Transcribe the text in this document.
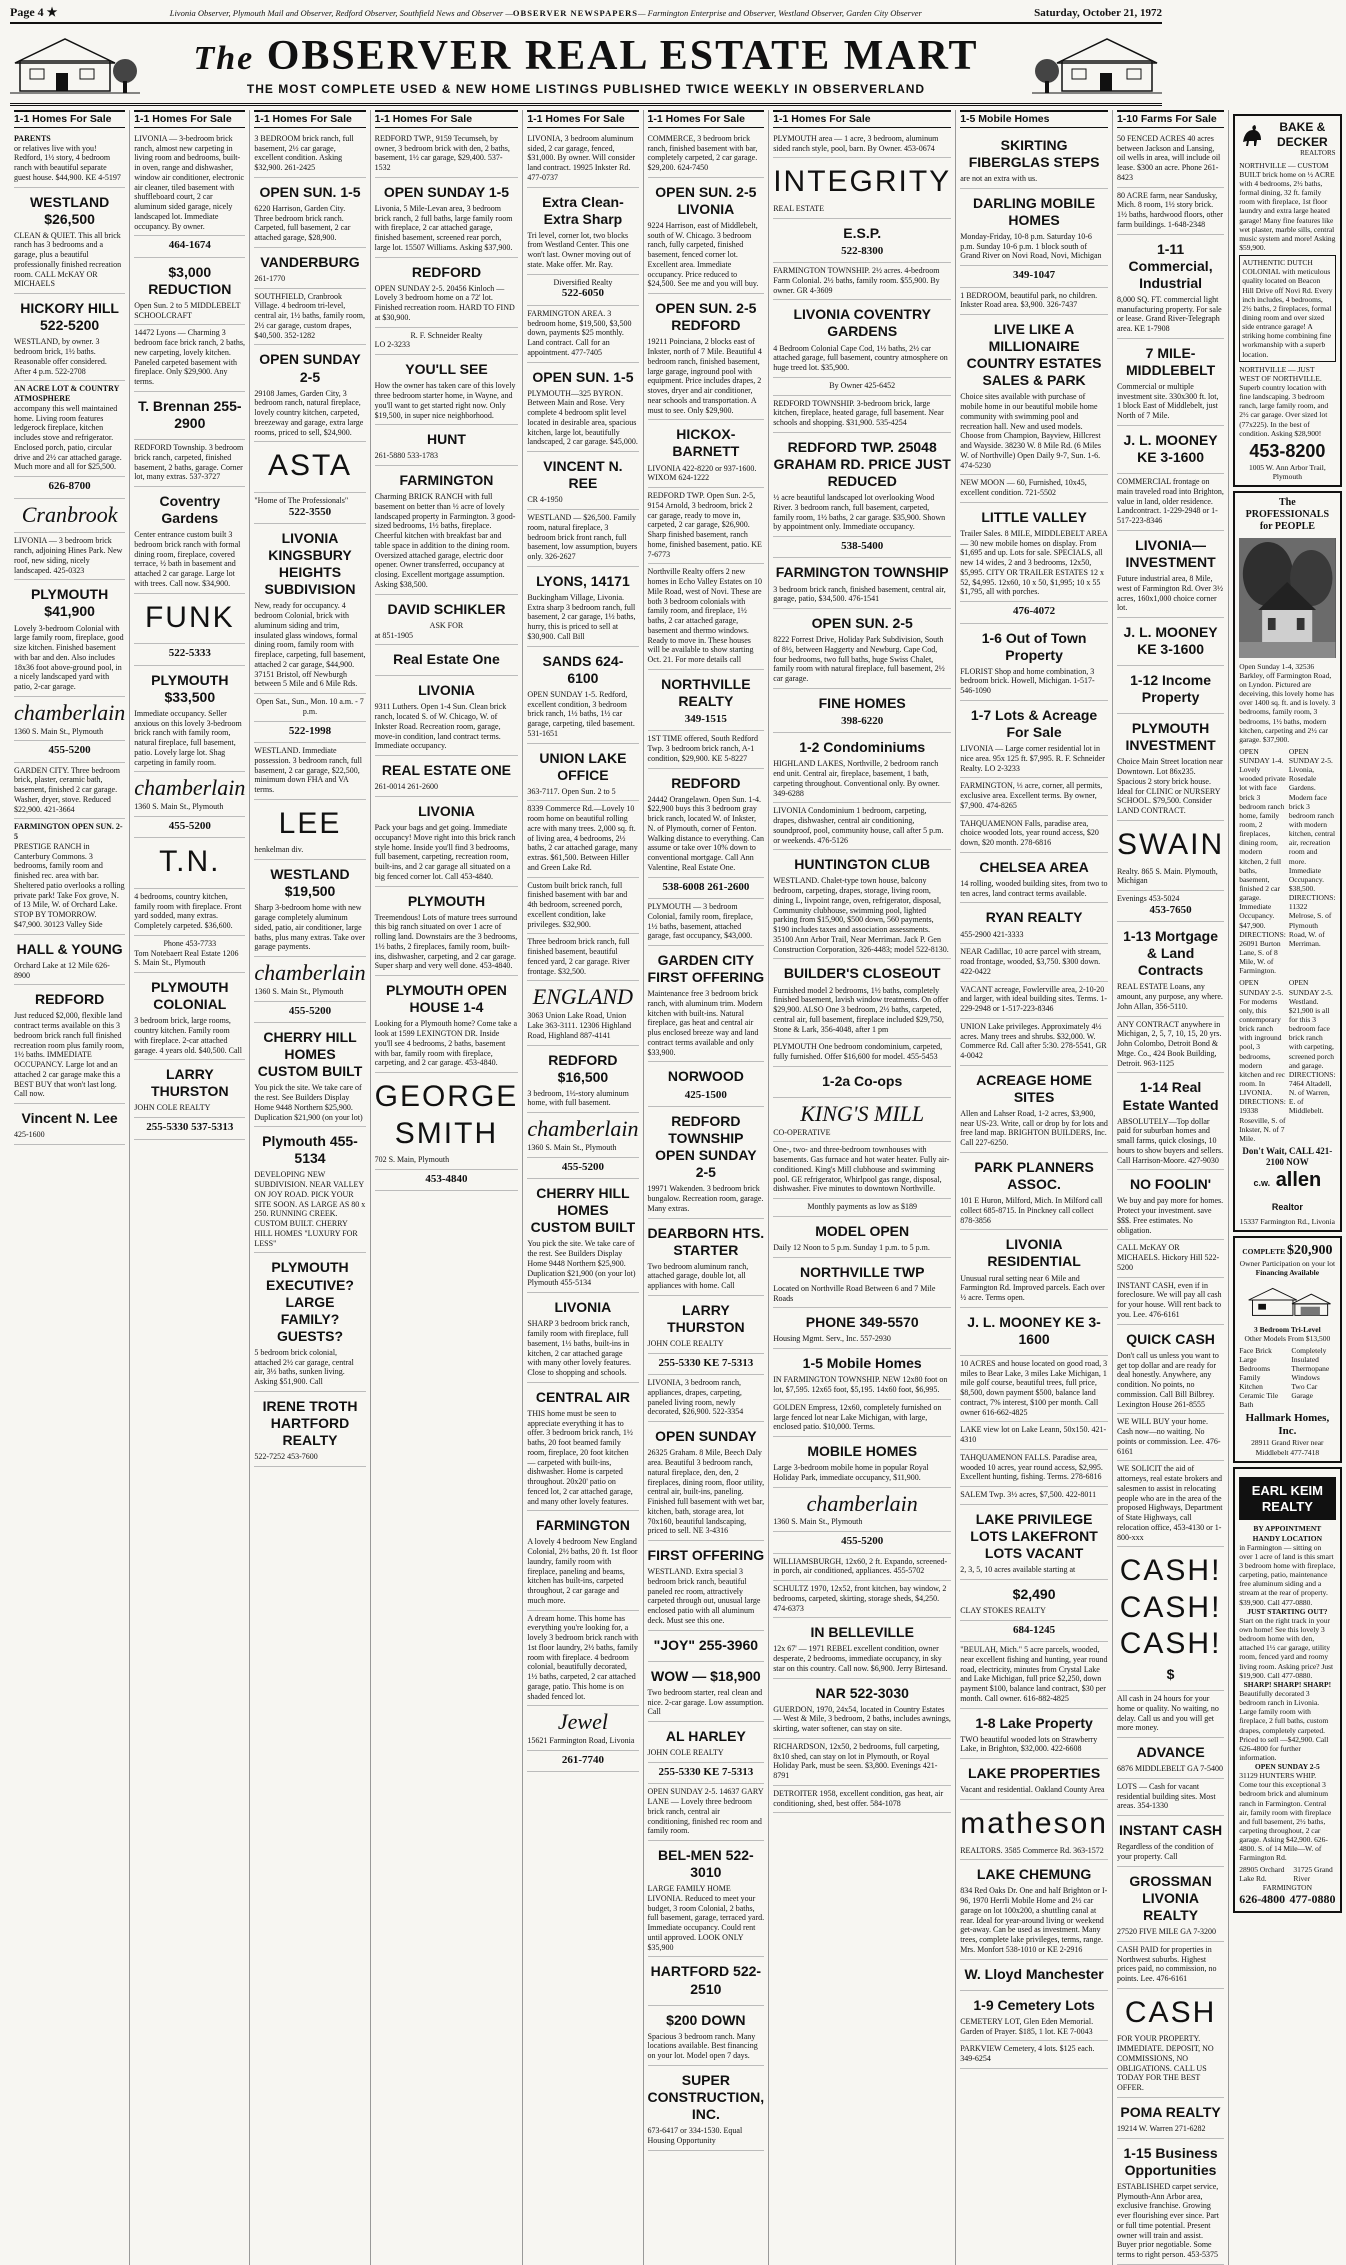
Page 4 ★	Livonia Observer, Plymouth Mail and Observer, Redford Observer, Southfield News and Observer —OBSERVER NEWSPAPERS— Farmington Enterprise and Observer, Westland Observer, Garden City Observer	Saturday, October 21, 1972
The OBSERVER REAL ESTATE MART
THE MOST COMPLETE USED & NEW HOME LISTINGS PUBLISHED TWICE WEEKLY IN OBSERVERLAND
1-1 Homes For Sale
PARENTS
or relatives live with you! Redford, 1½ story, 4 bedroom ranch with beautiful separate guest house. $44,900. KE 4-5197
WESTLAND $26,500
CLEAN & QUIET. This all brick ranch has 3 bedrooms and a garage, plus a beautiful professionally finished recreation room. CALL McKAY OR MICHAELS
HICKORY HILL 522-5200
WESTLAND, by owner. 3 bedroom brick, 1½ baths. Reasonable offer considered. After 4 p.m. 522-2708
AN ACRE LOT & COUNTRY ATMOSPHERE
accompany this well maintained home. Living room features ledgerock fireplace, kitchen includes stove and refrigerator. Enclosed porch, patio, circular drive and 2½ car attached garage. Much more and all for $25,500.
626-8700
Cranbrook
LIVONIA — 3 bedroom brick ranch, adjoining Hines Park. New roof, new siding, nicely landscaped. 425-0323
PLYMOUTH $41,900
Lovely 3-bedroom Colonial with large family room, fireplace, good size kitchen. Finished basement with bar and den. Also includes 18x36 foot above-ground pool, in a nicely landscaped yard with patio, 2-car garage.
chamberlain
1360 S. Main St., Plymouth
455-5200
GARDEN CITY. Three bedroom brick, plaster, ceramic bath, basement, finished 2 car garage. Washer, dryer, stove. Reduced $22,900. 421-3664
FARMINGTON OPEN SUN. 2-5
PRESTIGE RANCH in Canterbury Commons. 3 bedrooms, family room and finished rec. area with bar. Sheltered patio overlooks a rolling private park! Take Fox grove, N. of 13 Mile, W. of Orchard Lake. STOP BY TOMORROW. $47,900. 30123 Valley Side
HALL & YOUNG
Orchard Lake at 12 Mile 626-8900
REDFORD
Just reduced $2,000, flexible land contract terms available on this 3 bedroom brick ranch full finished recreation room plus family room, 1½ baths. IMMEDIATE OCCUPANCY. Large lot and an attached 2 car garage make this a BEST BUY that won't last long. Call now.
Vincent N. Lee
425-1600
1-1 Homes For Sale
LIVONIA — 3-bedroom brick ranch, almost new carpeting in living room and bedrooms, built-in oven, range and dishwasher, window air conditioner, electronic air cleaner, tiled basement with shuffleboard court, 2 car aluminum sided garage, nicely landscaped lot. Immediate occupancy. By owner.
464-1674
$3,000 REDUCTION
Open Sun. 2 to 5 MIDDLEBELT SCHOOLCRAFT
14472 Lyons — Charming 3 bedroom face brick ranch, 2 baths, new carpeting, lovely kitchen. Paneled carpeted basement with fireplace. Only $29,900. Any terms.
T. Brennan 255-2900
REDFORD Township. 3 bedroom brick ranch, carpeted, finished basement, 2 baths, garage. Corner lot, many extras. 537-3727
Coventry Gardens
Center entrance custom built 3 bedroom brick ranch with formal dining room, fireplace, covered terrace, ½ bath in basement and attached 2 car garage. Large lot with trees. Call now. $34,900.
FUNK
522-5333
PLYMOUTH $33,500
Immediate occupancy. Seller anxious on this lovely 3-bedroom brick ranch with family room, natural fireplace, full basement, patio. Lovely large lot. Shag carpeting in family room.
chamberlain
1360 S. Main St., Plymouth
455-5200
T.N.
4 bedrooms, country kitchen, family room with fireplace. Front yard sodded, many extras. Completely carpeted. $36,600.
Phone 453-7733
Tom Notebaert Real Estate 1206 S. Main St., Plymouth
PLYMOUTH COLONIAL
3 bedroom brick, large rooms, country kitchen. Family room with fireplace. 2-car attached garage. 4 years old. $40,500. Call
LARRY THURSTON
JOHN COLE REALTY
255-5330 537-5313
1-1 Homes For Sale
3 BEDROOM brick ranch, full basement, 2½ car garage, excellent condition. Asking $32,900. 261-2425
OPEN SUN. 1-5
6220 Harrison, Garden City. Three bedroom brick ranch. Carpeted, full basement, 2 car attached garage, $28,900.
VANDERBURG
261-1770
SOUTHFIELD, Cranbrook Village. 4 bedroom tri-level, central air, 1½ baths, family room, 2½ car garage, custom drapes, $40,500. 352-1282
OPEN SUNDAY 2-5
29108 James, Garden City, 3 bedroom ranch, natural fireplace, lovely country kitchen, carpeted, breezeway and garage, extra large rooms, priced to sell, $24,900.
ASTA
"Home of The Professionals"
522-3550
LIVONIA KINGSBURY HEIGHTS SUBDIVISION
New, ready for occupancy. 4 bedroom Colonial, brick with aluminum siding and trim, insulated glass windows, formal dining room, family room with fireplace, carpeting, full basement, attached 2 car garage, $44,900. 37151 Bristol, off Newburgh between 5 Mile and 6 Mile Rds.
Open Sat., Sun., Mon. 10 a.m. - 7 p.m.
522-1998
WESTLAND. Immediate possession. 3 bedroom ranch, full basement, 2 car garage, $22,500, minimum down FHA and VA terms.
LEE
henkelman div.
WESTLAND $19,500
Sharp 3-bedroom home with new garage completely aluminum sided, patio, air conditioner, large baths, plus many extras. Take over garage payments.
chamberlain
1360 S. Main St., Plymouth
455-5200
CHERRY HILL HOMES CUSTOM BUILT
You pick the site. We take care of the rest. See Builders Display Home 9448 Northern $25,900. Duplication $21,900 (on your lot)
Plymouth 455-5134
DEVELOPING NEW SUBDIVISION. NEAR VALLEY ON JOY ROAD. PICK YOUR SITE SOON. AS LARGE AS 80 x 250. RUNNING CREEK. CUSTOM BUILT. CHERRY HILL HOMES "LUXURY FOR LESS"
PLYMOUTH EXECUTIVE? LARGE FAMILY? GUESTS?
5 bedroom brick colonial, attached 2½ car garage, central air, 3½ baths, sunken living. Asking $51,900. Call
IRENE TROTH HARTFORD REALTY
522-7252 453-7600
1-1 Homes For Sale
REDFORD TWP., 9159 Tecumseh, by owner, 3 bedroom brick with den, 2 baths, basement, 1½ car garage, $29,400. 537-1532
OPEN SUNDAY 1-5
Livonia, 5 Mile-Levan area, 3 bedroom brick ranch, 2 full baths, large family room with fireplace, 2 car attached garage, finished basement, screened rear porch, large lot. 15507 Williams. Asking $37,900.
REDFORD
OPEN SUNDAY 2-5. 20456 Kinloch — Lovely 3 bedroom home on a 72' lot. Finished recreation room. HARD TO FIND at $30,900.
R. F. Schneider Realty
LO 2-3233
YOU'LL SEE
How the owner has taken care of this lovely three bedroom starter home, in Wayne, and you'll want to get started right now. Only $19,500, in super nice neighborhood.
HUNT
261-5880 533-1783
FARMINGTON
Charming BRICK RANCH with full basement on better than ½ acre of lovely landscaped property in Farmington. 3 good-sized bedrooms, 1½ baths, fireplace. Cheerful kitchen with breakfast bar and table space in addition to the dining room. Oversized attached garage, electric door opener. Owner transferred, occupancy at closing. Excellent mortgage assumption. Asking $38,500.
DAVID SCHIKLER
ASK FOR
at 851-1905
Real Estate One
LIVONIA
9311 Luthers. Open 1-4 Sun. Clean brick ranch, located S. of W. Chicago, W. of Inkster Road. Recreation room, garage, move-in condition, land contract terms. Immediate occupancy.
REAL ESTATE ONE
261-0014 261-2600
LIVONIA
Pack your bags and get going. Immediate occupancy! Move right into this brick ranch style home. Inside you'll find 3 bedrooms, full basement, carpeting, recreation room, built-ins, and 2 car garage all situated on a big fenced corner lot. Call 453-4840.
PLYMOUTH
Treemendous! Lots of mature trees surround this big ranch situated on over 1 acre of rolling land. Downstairs are the 3 bedrooms, 1½ baths, 2 fireplaces, family room, built-ins, dishwasher, carpeting, and 2 car garage. Super sharp and very well done. 453-4840.
PLYMOUTH OPEN HOUSE 1-4
Looking for a Plymouth home? Come take a look at 1599 LEXINGTON DR. Inside you'll see 4 bedrooms, 2 baths, basement with bar, family room with fireplace, carpeting, and 2 car garage. 453-4840.
GEORGE SMITH
702 S. Main, Plymouth
453-4840
1-1 Homes For Sale
LIVONIA, 3 bedroom aluminum sided, 2 car garage, fenced, $31,000. By owner. Will consider land contract. 19925 Inkster Rd. 477-0737
Extra Clean-Extra Sharp
Tri level, corner lot, two blocks from Westland Center. This one won't last. Owner moving out of state. Make offer. Mr. Ray.
Diversified Realty
522-6050
FARMINGTON AREA. 3 bedroom home, $19,500, $3,500 down, payments $25 monthly. Land contract. Call for an appointment. 477-7405
OPEN SUN. 1-5
PLYMOUTH—325 BYRON. Between Main and Rose. Very complete 4 bedroom split level located in desirable area, spacious kitchen, large lot, beautifully landscaped, 2 car garage. $45,000.
VINCENT N. REE
CR 4-1950
WESTLAND — $26,500. Family room, natural fireplace, 3 bedroom brick front ranch, full basement, low assumption, buyers only. 326-2627
LYONS, 14171
Buckingham Village, Livonia. Extra sharp 3 bedroom ranch, full basement, 2 car garage, 1½ baths, hurry, this is priced to sell at $30,900. Call Bill
SANDS 624-6100
OPEN SUNDAY 1-5. Redford, excellent condition, 3 bedroom brick ranch, 1½ baths, 1½ car garage, carpeting, tiled basement. 531-1651
UNION LAKE OFFICE
363-7117. Open Sun. 2 to 5
8339 Commerce Rd.—Lovely 10 room home on beautiful rolling acre with many trees. 2,000 sq. ft. of living area, 4 bedrooms, 2½ baths, 2 car attached garage, many extras. $61,500. Between Hiller and Green Lake Rd.
Custom built brick ranch, full finished basement with bar and 4th bedroom, screened porch, excellent condition, lake privileges. $32,900.
Three bedroom brick ranch, full finished basement, beautiful fenced yard, 2 car garage. River frontage. $32,500.
ENGLAND
3063 Union Lake Road, Union Lake 363-3111. 12306 Highland Road, Highland 887-4141
REDFORD $16,500
3 bedroom, 1½-story aluminum home, with full basement.
chamberlain
1360 S. Main St., Plymouth
455-5200
CHERRY HILL HOMES CUSTOM BUILT
You pick the site. We take care of the rest. See Builders Display Home 9448 Northern $25,900. Duplication $21,900 (on your lot) Plymouth 455-5134
LIVONIA
SHARP 3 bedroom brick ranch, family room with fireplace, full basement, 1½ baths, built-ins in kitchen, 2 car attached garage with many other lovely features. Close to shopping and schools.
CENTRAL AIR
THIS home must be seen to appreciate everything it has to offer. 3 bedroom brick ranch, 1½ baths, 20 foot beamed family room, fireplace, 20 foot kitchen — carpeted with built-ins, dishwasher. Home is carpeted throughout. 20x20' patio on fenced lot, 2 car attached garage, and many other lovely features.
FARMINGTON
A lovely 4 bedroom New England Colonial, 2½ baths, 20 ft. 1st floor laundry, family room with fireplace, paneling and beams, kitchen has built-ins, carpeted throughout, 2 car garage and much more.
A dream home. This home has everything you're looking for, a lovely 3 bedroom brick ranch with 1st floor laundry, 2½ baths, family room with fireplace. 4 bedroom colonial, beautifully decorated, 1½ baths, carpeted, 2 car attached garage, patio. This home is on shaded fenced lot.
Jewel
15621 Farmington Road, Livonia
261-7740
1-1 Homes For Sale
COMMERCE, 3 bedroom brick ranch, finished basement with bar, completely carpeted, 2 car garage. $29,200. 624-7450
OPEN SUN. 2-5 LIVONIA
9224 Harrison, east of Middlebelt, south of W. Chicago. 3 bedroom ranch, fully carpeted, finished basement, fenced corner lot. Excellent area. Immediate occupancy. Price reduced to $24,500. See me and you will buy.
OPEN SUN. 2-5 REDFORD
19211 Poinciana, 2 blocks east of Inkster, north of 7 Mile. Beautiful 4 bedroom ranch, finished basement, large garage, inground pool with equipment. Price includes drapes, 2 stoves, dryer and air conditioner, near schools and transportation. A must to see. Only $29,900.
HICKOX-BARNETT
LIVONIA 422-8220 or 937-1600. WIXOM 624-1222
REDFORD TWP. Open Sun. 2-5, 9154 Arnold, 3 bedroom, brick 2 car garage, ready to move in, carpeted, 2 car garage, $26,900. Sharp finished basement, ranch home, finished basement, patio. KE 7-6773
Northville Realty offers 2 new homes in Echo Valley Estates on 10 Mile Road, west of Novi. These are both 3 bedroom colonials with family room, and fireplace, 1½ baths, 2 car attached garage, basement and thermo windows. Ready to move in. These houses will be available to show starting Oct. 21. For more details call
NORTHVILLE REALTY
349-1515
1ST TIME offered, South Redford Twp. 3 bedroom brick ranch, A-1 condition, $29,900. KE 5-8227
REDFORD
24442 Orangelawn. Open Sun. 1-4. $22,900 buys this 3 bedroom gray brick ranch, located W. of Inkster, N. of Plymouth, corner of Fenton. Walking distance to everything. Can assume or take over 10% down to conventional mortgage. Call Ann Valentine, Real Estate One.
538-6008 261-2600
PLYMOUTH — 3 bedroom Colonial, family room, fireplace, 1½ baths, basement, attached garage, fast occupancy, $43,000.
GARDEN CITY FIRST OFFERING
Maintenance free 3 bedroom brick ranch, with aluminum trim. Modern kitchen with built-ins. Natural fireplace, gas heat and central air plus enclosed breeze way and land contract terms available and only $33,900.
NORWOOD
425-1500
REDFORD TOWNSHIP OPEN SUNDAY 2-5
19971 Wakenden. 3 bedroom brick bungalow. Recreation room, garage. Many extras.
DEARBORN HTS. STARTER
Two bedroom aluminum ranch, attached garage, double lot, all appliances with home. Call
LARRY THURSTON
JOHN COLE REALTY
255-5330 KE 7-5313
LIVONIA, 3 bedroom ranch, appliances, drapes, carpeting, paneled living room, newly decorated, $26,900. 522-3354
OPEN SUNDAY
26325 Graham. 8 Mile, Beech Daly area. Beautiful 3 bedroom ranch, natural fireplace, den, den, 2 fireplaces, dining room, floor utility, central air, built-ins, paneling. Finished full basement with wet bar, kitchen, bath, storage area, lot 70x160, beautiful landscaping, priced to sell. NE 3-4316
FIRST OFFERING
WESTLAND. Extra special 3 bedroom brick ranch, beautiful paneled rec room, attractively carpeted through out, unusual large enclosed patio with all aluminum deck. Must see this one.
"JOY" 255-3960
WOW — $18,900
Two bedroom starter, real clean and nice. 2-car garage. Low assumption. Call
AL HARLEY
JOHN COLE REALTY
255-5330 KE 7-5313
OPEN SUNDAY 2-5. 14637 GARY LANE — Lovely three bedroom brick ranch, central air conditioning, finished rec room and family room.
BEL-MEN 522-3010
LARGE FAMILY HOME LIVONIA. Reduced to meet your budget, 3 room Colonial, 2 baths, full basement, garage, terraced yard. Immediate occupancy. Could rent until approved. LOOK ONLY $35,900
HARTFORD 522-2510
$200 DOWN
Spacious 3 bedroom ranch. Many locations available. Best financing on your lot. Model open 7 days.
SUPER CONSTRUCTION, INC.
673-6417 or 334-1530. Equal Housing Opportunity
1-1 Homes For Sale
PLYMOUTH area — 1 acre, 3 bedroom, aluminum sided ranch style, pool, barn. By Owner. 453-0674
INTEGRITY
REAL ESTATE
E.S.P.
522-8300
FARMINGTON TOWNSHIP. 2½ acres. 4-bedroom Farm Colonial. 2½ baths, family room. $55,900. By owner. GR 4-3609
LIVONIA COVENTRY GARDENS
4 Bedroom Colonial Cape Cod, 1½ baths, 2½ car attached garage, full basement, country atmosphere on huge treed lot. $35,900.
By Owner 425-6452
REDFORD TOWNSHIP. 3-bedroom brick, large kitchen, fireplace, heated garage, full basement. Near schools and shopping. $31,900. 535-4254
REDFORD TWP. 25048 GRAHAM RD. PRICE JUST REDUCED
½ acre beautiful landscaped lot overlooking Wood River. 3 bedroom ranch, full basement, carpeted, family room, 1½ baths, 2 car garage. $35,900. Shown by appointment only. Immediate occupancy.
538-5400
FARMINGTON TOWNSHIP
3 bedroom brick ranch, finished basement, central air, garage, patio, $34,500. 476-1541
OPEN SUN. 2-5
8222 Forrest Drive, Holiday Park Subdivision, South of 8½, between Haggerty and Newburg. Cape Cod, four bedrooms, two full baths, huge Swiss Chalet, family room with natural fireplace, full basement, 2½ car garage.
FINE HOMES
398-6220
1-2 Condominiums
HIGHLAND LAKES, Northville, 2 bedroom ranch end unit. Central air, fireplace, basement, 1 bath, carpeting throughout. Conventional only. By owner. 349-6288
LIVONIA Condominium 1 bedroom, carpeting, drapes, dishwasher, central air conditioning, soundproof, pool, community house, call after 5 p.m. or weekends. 476-5126
HUNTINGTON CLUB
WESTLAND. Chalet-type town house, balcony bedroom, carpeting, drapes, storage, living room, dining L, livpoint range, oven, refrigerator, disposal, Community clubhouse, swimming pool, lighted parking from $15,900, $500 down, 560 payments, $190 includes taxes and association assessments. 35100 Ann Arbor Trail, Near Merriman. Jack P. Gen Construction Corporation, 326-4483; model 522-8130.
BUILDER'S CLOSEOUT
Furnished model 2 bedrooms, 1½ baths, completely finished basement, lavish window treatments. On offer $29,900. ALSO One 3 bedroom, 2½ baths, carpeted, central air, full basement, fireplace included $29,750, Stone & Lark, 356-4048, after 1 pm
PLYMOUTH One bedroom condominium, carpeted, fully furnished. Offer $16,600 for model. 455-5453
1-2a Co-ops
KING'S MILL
CO-OPERATIVE
One-, two- and three-bedroom townhouses with basements. Gas furnace and hot water heater. Fully air-conditioned. King's Mill clubhouse and swimming pool. GE refrigerator, Whirlpool gas range, disposal, dishwasher. Five minutes to downtown Northville.
Monthly payments as low as $189
MODEL OPEN
Daily 12 Noon to 5 p.m. Sunday 1 p.m. to 5 p.m.
NORTHVILLE TWP
Located on Northville Road Between 6 and 7 Mile Roads
PHONE 349-5570
Housing Mgmt. Serv., Inc. 557-2930
1-5 Mobile Homes
IN FARMINGTON TOWNSHIP. NEW 12x80 foot on lot, $7,595. 12x65 foot, $5,195. 14x60 foot, $6,995.
GOLDEN Empress, 12x60, completely furnished on large fenced lot near Lake Michigan, with large, enclosed patio. $10,000. Terms.
MOBILE HOMES
Large 3-bedroom mobile home in popular Royal Holiday Park, immediate occupancy, $11,900.
chamberlain
1360 S. Main St., Plymouth
455-5200
WILLIAMSBURGH, 12x60, 2 ft. Expando, screened-in porch, air conditioned, appliances. 455-5702
SCHULTZ 1970, 12x52, front kitchen, bay window, 2 bedrooms, carpeted, skirting, storage sheds, $4,250. 474-6373
IN BELLEVILLE
12x 67' — 1971 REBEL excellent condition, owner desperate, 2 bedrooms, immediate occupancy, in sky star on this country. Call now. $6,900. Jerry Birtesand.
NAR 522-3030
GUERDON, 1970, 24x54, located in Country Estates — West & Mile, 3 bedroom, 2 baths, includes awnings, skirting, water softener, can stay on site.
RICHARDSON, 12x50, 2 bedrooms, full carpeting, 8x10 shed, can stay on lot in Plymouth, or Royal Holiday Park, must be seen. $3,800. Evenings 421-8791
DETROITER 1958, excellent condition, gas heat, air conditioning, shed, best offer. 584-1078
1-5 Mobile Homes
SKIRTING FIBERGLAS STEPS
are not an extra with us.
DARLING MOBILE HOMES
Monday-Friday, 10-8 p.m. Saturday 10-6 p.m. Sunday 10-6 p.m. 1 block south of Grand River on Novi Road, Novi, Michigan
349-1047
1 BEDROOM, beautiful park, no children. Inkster Road area. $3,900. 326-7437
LIVE LIKE A MILLIONAIRE COUNTRY ESTATES SALES & PARK
Choice sites available with purchase of mobile home in our beautiful mobile home community with swimming pool and recreation hall. New and used models. Choose from Champion, Bayview, Hillcrest and Wayside. 38230 W. 8 Mile Rd. (6 Miles W. of Northville) Open Daily 9-7, Sun. 1-6. 474-5230
NEW MOON — 60, Furnished, 10x45, excellent condition. 721-5502
LITTLE VALLEY
Trailer Sales. 8 MILE, MIDDLEBELT AREA — 30 new mobile homes on display. From $1,695 and up. Lots for sale. SPECIALS, all new 14 wides, 2 and 3 bedrooms, 12x50, $5,995. CITY OR TRAILER ESTATES 12 x 52, $4,995. 12x60, 10 x 50, $1,995; 10 x 55 $1,795, all with porches.
476-4072
1-6 Out of Town Property
FLORIST Shop and home combination, 3 bedroom brick. Howell, Michigan. 1-517-546-1090
1-7 Lots & Acreage For Sale
LIVONIA — Large corner residential lot in nice area. 95x 125 ft. $7,995. R. F. Schneider Realty. LO 2-3233
FARMINGTON, ⅓ acre, corner, all permits, exclusive area. Excellent terms. By owner, $7,900. 474-8265
TAHQUAMENON Falls, paradise area, choice wooded lots, year round access, $20 down, $20 month. 278-6816
CHELSEA AREA
14 rolling, wooded building sites, from two to ten acres, land contract terms available.
RYAN REALTY
455-2900 421-3333
NEAR Cadillac, 10 acre parcel with stream, road frontage, wooded, $3,750. $300 down. 422-0422
VACANT acreage, Fowlerville area, 2-10-20 and larger, with ideal building sites. Terms. 1-229-2948 or 1-517-223-8346
UNION Lake privileges. Approximately 4½ acres. Many trees and shrubs. $32,000. W. Commerce Rd. Call after 5:30. 278-5541, GR 4-0042
ACREAGE HOME SITES
Allen and Lahser Road, 1-2 acres, $3,900, near US-23. Write, call or drop by for lots and free land map. BRIGHTON BUILDERS, Inc. Call 227-6250.
PARK PLANNERS ASSOC.
101 E Huron, Milford, Mich. In Milford call collect 685-8715. In Pinckney call collect 878-3856
LIVONIA RESIDENTIAL
Unusual rural setting near 6 Mile and Farmington Rd. Improved parcels. Each over ½ acre. Terms open.
J. L. MOONEY KE 3-1600
10 ACRES and house located on good road, 3 miles to Bear Lake, 3 miles Lake Michigan, 1 mile golf course, beautiful trees, full price, $8,500, down payment $500, balance land contract, 7% interest, $100 per month. Call owner 616-662-4825
LAKE view lot on Lake Leann, 50x150. 421-4310
TAHQUAMENON FALLS. Paradise area, wooded 10 acres, year round access, $2,995. Excellent hunting, fishing. Terms. 278-6816
SALEM Twp. 3½ acres, $7,500. 422-8011
LAKE PRIVILEGE LOTS LAKEFRONT LOTS VACANT
2, 3, 5, 10 acres available starting at
$2,490
CLAY STOKES REALTY
684-1245
"BEULAH, Mich." 5 acre parcels, wooded, near excellent fishing and hunting, year round road, electricity, minutes from Crystal Lake and Lake Michigan, full price $2,250, down payment $100, balance land contract, $30 per month. Call owner. 616-882-4825
1-8 Lake Property
TWO beautiful wooded lots on Strawberry Lake, in Brighton, $32,000. 422-6608
LAKE PROPERTIES
Vacant and residential. Oakland County Area
matheson
REALTORS. 3585 Commerce Rd. 363-1572
LAKE CHEMUNG
834 Red Oaks Dr. One and half Brighton or I-96, 1970 Herrli Mobile Home and 2½ car garage on lot 100x200, a shuttling canal at rear. Ideal for year-around living or weekend get-away. Can be used as investment. Many trees, complete lake privileges, terms, range. Mrs. Monfort 538-1010 or KE 2-2916
W. Lloyd Manchester
1-9 Cemetery Lots
CEMETERY LOT, Glen Eden Memorial. Garden of Prayer. $185, 1 lot. KE 7-0043
PARKVIEW Cemetery, 4 lots. $125 each. 349-6254
1-10 Farms For Sale
50 FENCED ACRES 40 acres between Jackson and Lansing, oil wells in area, will include oil lease. $300 an acre. Phone 261-8423
80 ACRE farm, near Sandusky, Mich. 8 room, 1½ story brick. 1½ baths, hardwood floors, other farm buildings. 1-648-2348
1-11 Commercial, Industrial
8,000 SQ. FT. commercial light manufacturing property. For sale or lease. Grand River-Telegraph area. KE 1-7908
7 MILE-MIDDLEBELT
Commercial or multiple investment site. 330x300 ft. lot, 1 block East of Middlebelt, just North of 7 Mile.
J. L. MOONEY KE 3-1600
COMMERCIAL frontage on main traveled road into Brighton, value in land, older residence. Landcontract. 1-229-2948 or 1-517-223-8346
LIVONIA—INVESTMENT
Future industrial area, 8 Mile, west of Farmington Rd. Over 3½ acres, 160x1,000 choice corner lot.
J. L. MOONEY KE 3-1600
1-12 Income Property
PLYMOUTH INVESTMENT
Choice Main Street location near Downtown. Lot 86x235. Spacious 2 story brick house. Ideal for CLINIC or NURSERY SCHOOL. $79,500. Consider LAND CONTRACT.
SWAIN
Realty. 865 S. Main. Plymouth, Michigan
Evenings 453-5024
453-7650
1-13 Mortgage & Land Contracts
REAL ESTATE Loans, any amount, any purpose, any where. John Allan, 356-5110.
ANY CONTRACT anywhere in Michigan, 2, 5, 7, 10, 15, 20 yrs. John Colombo, Detroit Bond & Mtge. Co., 424 Book Building, Detroit. 963-1125
1-14 Real Estate Wanted
ABSOLUTELY—Top dollar paid for suburban homes and small farms, quick closings, 10 hours to show buyers and sellers. Call Harrison-Moore. 427-9030
NO FOOLIN'
We buy and pay more for homes. Protect your investment. save $$$. Free estimates. No obligation.
CALL McKAY OR MICHAELS. Hickory Hill 522-5200
INSTANT CASH, even if in foreclosure. We will pay all cash for your house. Will rent back to you. Lee. 476-6161
QUICK CASH
Don't call us unless you want to get top dollar and are ready for deal honestly. Anywhere, any condition. No points, no commission. Call Bill Bilbrey. Lexington House 261-8555
WE WILL BUY your home. Cash now—no waiting. No points or commission. Lee. 476-6161
WE SOLICIT the aid of attorneys, real estate brokers and salesmen to assist in relocating people who are in the area of the proposed Highways, Department of State Highways, call relocation office, 453-4130 or 1-800-xxx
CASH! CASH! CASH!
$
All cash in 24 hours for your home or quality. No waiting, no delay. Call us and you will get more money.
ADVANCE
6876 MIDDLEBELT GA 7-5400
LOTS — Cash for vacant residential building sites. Most areas. 354-1330
INSTANT CASH
Regardless of the condition of your property. Call
GROSSMAN LIVONIA REALTY
27520 FIVE MILE GA 7-3200
CASH PAID for properties in Northwest suburbs. Highest prices paid, no commission, no points. Lee. 476-6161
CASH
FOR YOUR PROPERTY. IMMEDIATE. DEPOSIT, NO COMMISSIONS, NO OBLIGATIONS. CALL US TODAY FOR THE BEST OFFER.
POMA REALTY
19214 W. Warren 271-6282
1-15 Business Opportunities
ESTABLISHED carpet service, Plymouth-Ann Arbor area, exclusive franchise. Growing ever flourishing ever since. Part or full time potential. Present owner will train and assist. Buyer prior negotiable. Some terms to right person. 453-5375
BAKE & DECKER
REALTORS

NORTHVILLE — CUSTOM BUILT brick home on ½ ACRE with 4 bedrooms, 2½ baths, formal dining, 32 ft. family room with fireplace, 1st floor laundry and extra large heated garage! Many fine features like wet plaster, marble sills, central music system and more! Asking $59,900.

AUTHENTIC DUTCH COLONIAL with meticulous quality located on Beacon Hill Drive off Novi Rd. Every inch includes, 4 bedrooms, 2½ baths, 2 fireplaces, formal dining room and over sized side entrance garage! A striking home combining fine workmanship with a superb location.

NORTHVILLE — JUST WEST OF NORTHVILLE. Superb country location with fine landscaping. 3 bedroom ranch, large family room, and 2½ car garage. Over sized lot (77x225). In the best of condition. Asking $28,900!

453-8200
1005 W. Ann Arbor Trail, Plymouth
The PROFESSIONALS for PEOPLE

Open Sunday 1-4, 32536 Barkley, off Farmington Road, on Lyndon. Pictured are deceiving, this lovely home has over 1400 sq. ft. and is lovely. 3 bedrooms, family room, 3 bedrooms, 1½ baths, modern kitchen, carpeting and 2½ car garage. $37,900.

OPEN SUNDAY 1-4. Lovely wooded private lot with face brick 3 bedroom ranch home, family room, 2 fireplaces, dining room, modern kitchen, 2 full baths, basement, finished 2 car garage. Immediate Occupancy. $47,900. DIRECTIONS: 26091 Burton Lane, S. of 8 Mile, W. of Farmington.

OPEN SUNDAY 2-5. Livonia, Rosedale Gardens. Modern face brick 3 bedroom ranch with modern kitchen, central air, recreation room and more. Immediate Occupancy. $38,500. DIRECTIONS: 11322 Melrose, S. of Plymouth Road, W. of Merriman.

OPEN SUNDAY 2-5. For moderns only, this contemporary brick ranch with inground pool, 3 bedrooms, modern kitchen and rec room. In LIVONIA. DIRECTIONS: 19338 Roseville, S. of Inkster, N. of 7 Mile.

OPEN SUNDAY 2-5. Westland. $21,900 is all for this 3 bedroom face brick ranch with carpeting, screened porch and garage. DIRECTIONS: 7464 Altadell, N. of Warren, E. of Middlebelt.

Don't Wait, CALL 421-2100 NOW
c.w. allen Realtor
15337 Farmington Rd., Livonia
COMPLETE $20,900
Owner Participation on your lot
Financing Available
3 Bedroom Tri-Level
Other Models From $13,500
Face Brick
Large Bedrooms
Family Kitchen
Ceramic Tile Bath
Completely Insulated
Thermopane Windows
Two Car Garage
Hallmark Homes, Inc.
28911 Grand River near Middlebelt 477-7418
EARL KEIM REALTY
BY APPOINTMENT
HANDY LOCATION

in Farmington — sitting on over 1 acre of land is this smart 3 bedroom home with fireplace, carpeting, patio, maintenance free aluminum siding and a stream at the rear of property. $39,900. Call 477-0880.

JUST STARTING OUT?

Start on the right track in your own home! See this lovely 3 bedroom home with den, attached 1½ car garage, utility room, fenced yard and roomy living room. Asking price? Just $19,900. Call 477-0880.

SHARP! SHARP! SHARP!

Beautifully decorated 3 bedroom ranch in Livonia. Large family room with fireplace, 2 full baths, custom drapes, completely carpeted. Priced to sell —$42,900. Call 626-4800 for further information.

OPEN SUNDAY 2-5

31129 HUNTERS WHIP. Come tour this exceptional 3 bedroom brick and aluminum ranch in Farmington. Central air, family room with fireplace and full basement, 2½ baths, carpeting throughout, 2 car garage. Asking $42,900. 626-4800. S. of 14 Mile—W. of Farmington Rd.

28905 Orchard Lake Rd.
31725 Grand River
FARMINGTON
626-4800 477-0880
